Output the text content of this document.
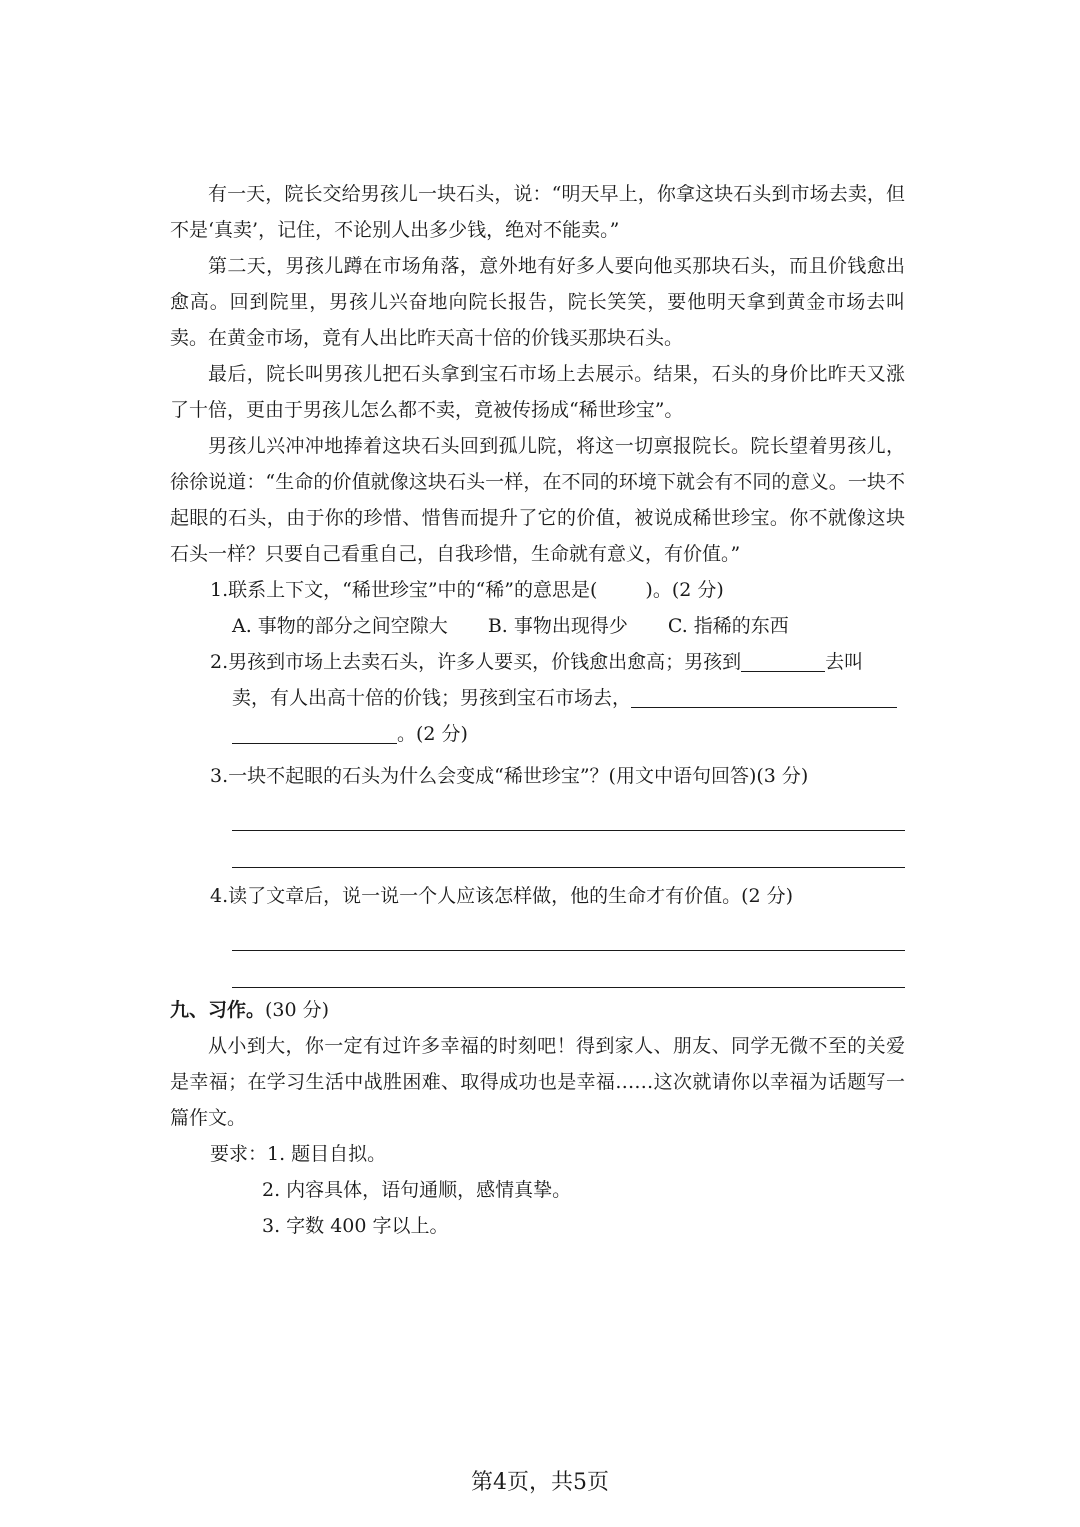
有一天，院长交给男孩儿一块石头，说：“明天早上，你拿这块石头到市场去卖，但不是‘真卖’，记住，不论别人出多少钱，绝对不能卖。”

第二天，男孩儿蹲在市场角落，意外地有好多人要向他买那块石头，而且价钱愈出愈高。回到院里，男孩儿兴奋地向院长报告，院长笑笑，要他明天拿到黄金市场去叫卖。在黄金市场，竟有人出比昨天高十倍的价钱买那块石头。

最后，院长叫男孩儿把石头拿到宝石市场上去展示。结果，石头的身价比昨天又涨了十倍，更由于男孩儿怎么都不卖，竟被传扬成“稀世珍宝”。

男孩儿兴冲冲地捧着这块石头回到孤儿院，将这一切禀报院长。院长望着男孩儿，徐徐说道：“生命的价值就像这块石头一样，在不同的环境下就会有不同的意义。一块不起眼的石头，由于你的珍惜、惜售而提升了它的价值，被说成稀世珍宝。你不就像这块石头一样？只要自己看重自己，自我珍惜，生命就有意义，有价值。”

1.联系上下文，“稀世珍宝”中的“稀”的意思是(	)。(2 分)
A. 事物的部分之间空隙大 B. 事物出现得少 C. 指稀的东西
2.男孩到市场上去卖石头，许多人要买，价钱愈出愈高；男孩到	去叫
卖，有人出高十倍的价钱；男孩到宝石市场去，
。(2 分)
3.一块不起眼的石头为什么会变成“稀世珍宝”？(用文中语句回答)(3 分)
4.读了文章后，说一说一个人应该怎样做，他的生命才有价值。(2 分)

九、习作。(30 分)

从小到大，你一定有过许多幸福的时刻吧！得到家人、朋友、同学无微不至的关爱是幸福；在学习生活中战胜困难、取得成功也是幸福……这次就请你以幸福为话题写一篇作文。

要求：1. 题目自拟。

2. 内容具体，语句通顺，感情真挚。

3. 字数 400 字以上。

第4页，共5页
